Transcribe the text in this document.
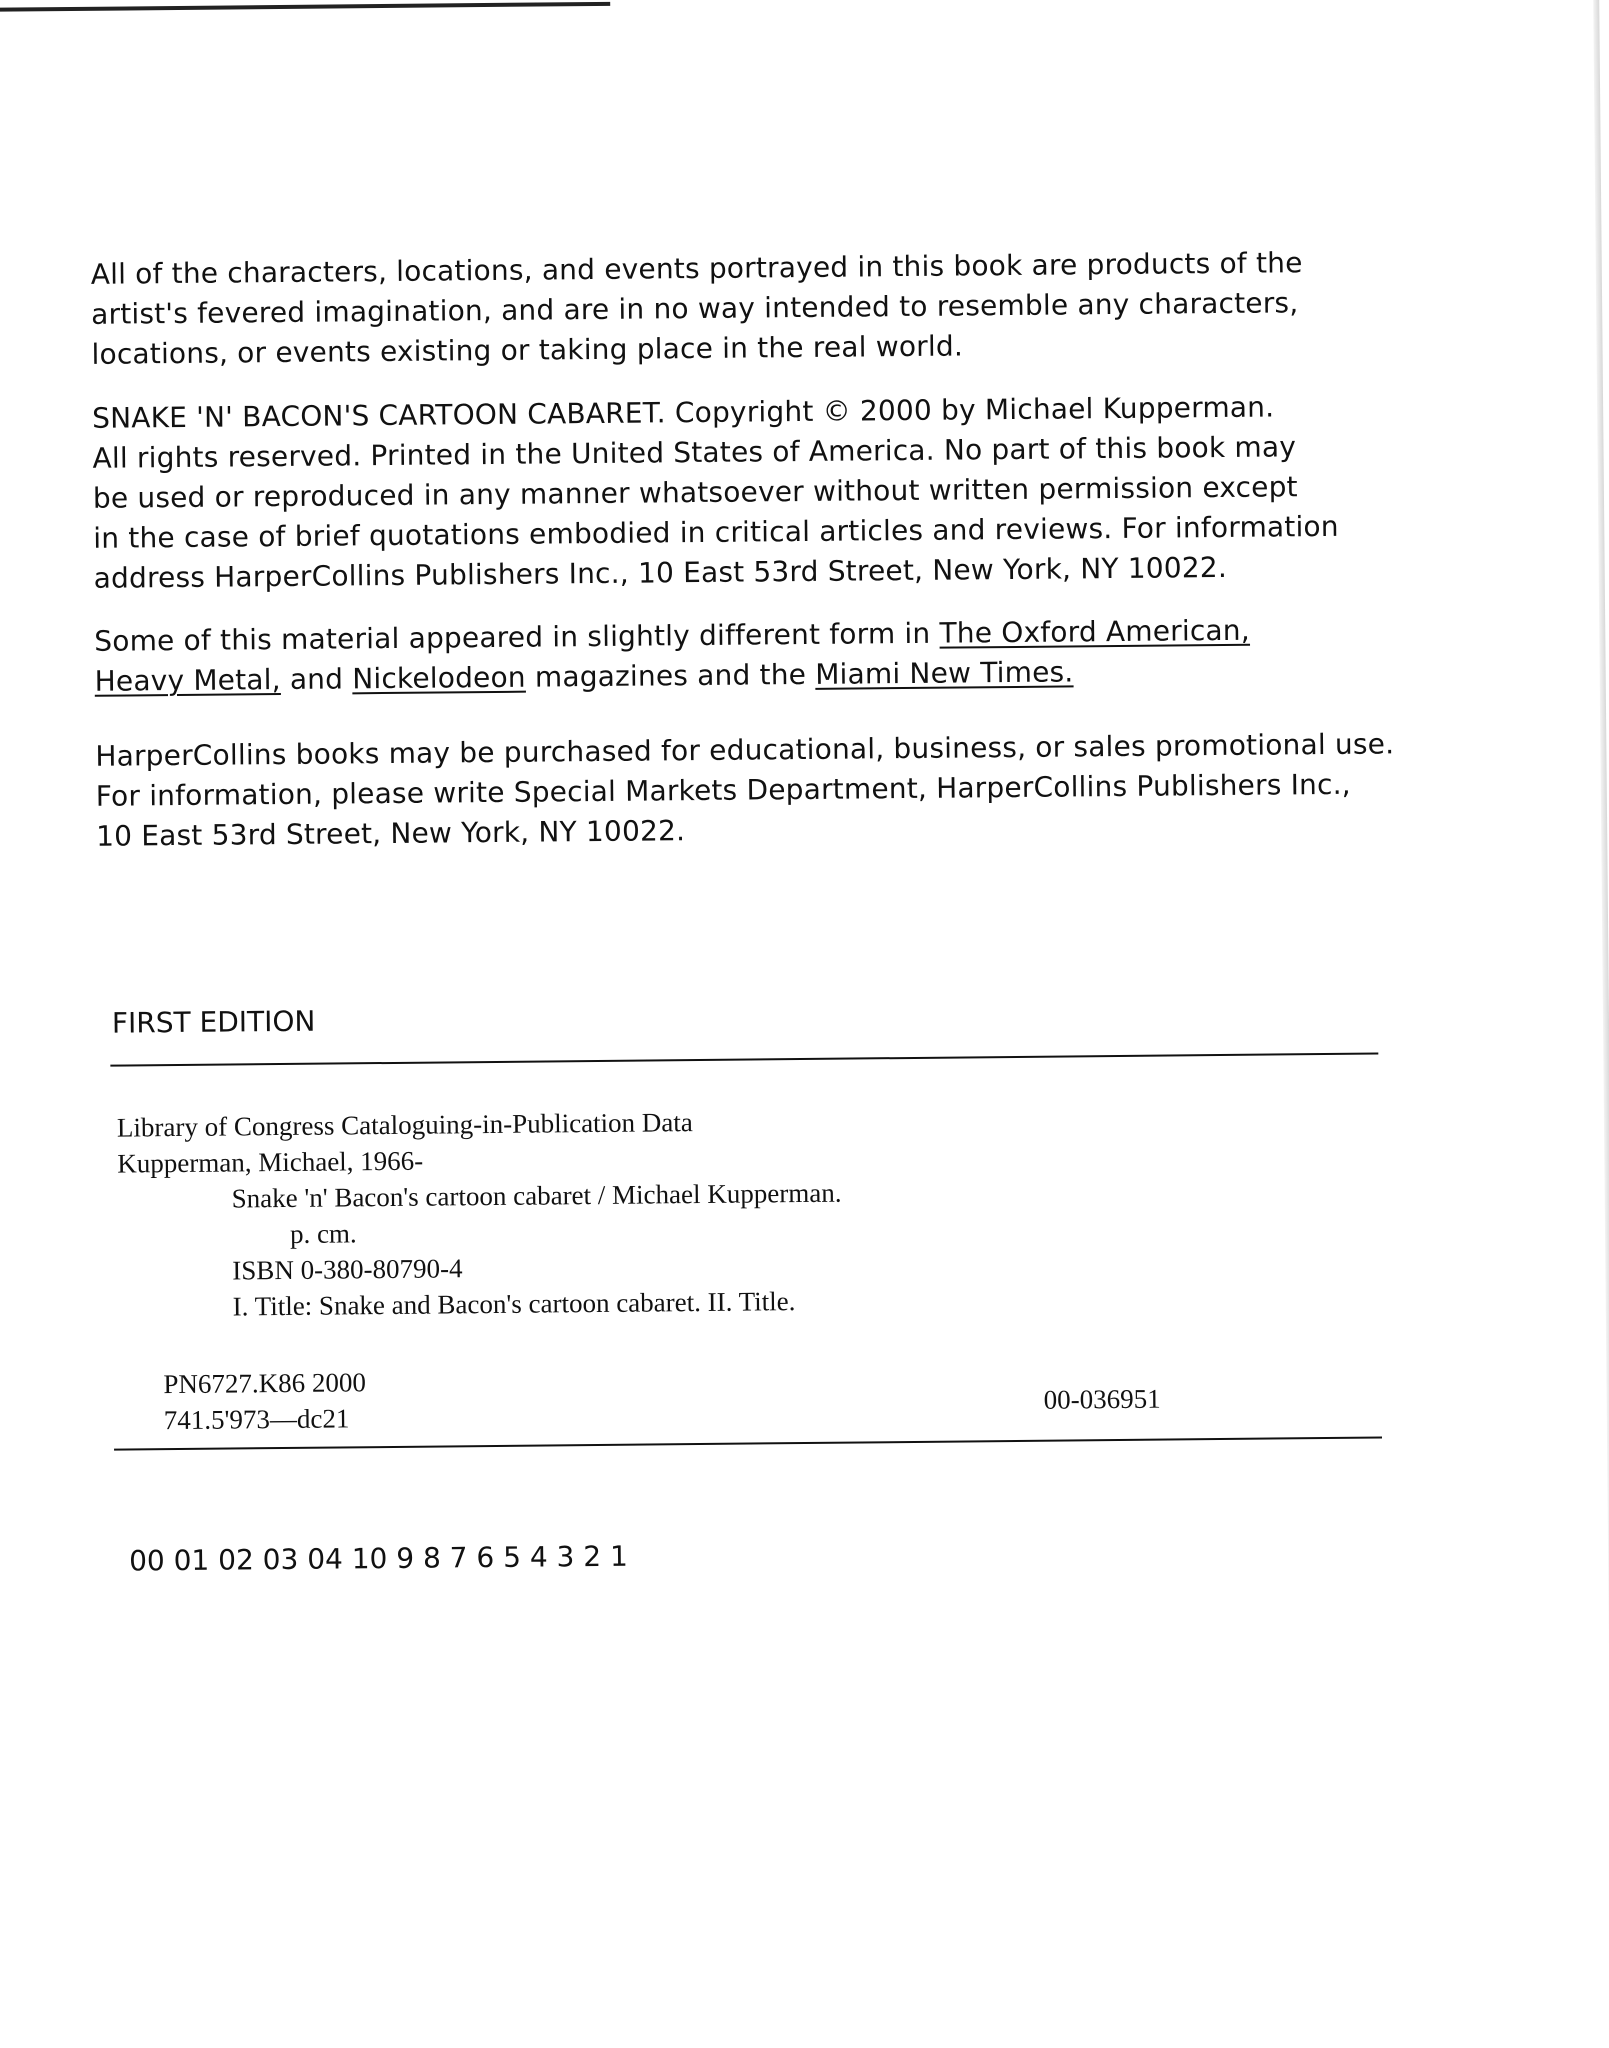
All of the characters, locations, and events portrayed in this book are products of the
artist's fevered imagination, and are in no way intended to resemble any characters,
locations, or events existing or taking place in the real world.
SNAKE 'N' BACON'S CARTOON CABARET. Copyright © 2000 by Michael Kupperman.
All rights reserved. Printed in the United States of America. No part of this book may
be used or reproduced in any manner whatsoever without written permission except
in the case of brief quotations embodied in critical articles and reviews. For information
address HarperCollins Publishers Inc., 10 East 53rd Street, New York, NY 10022.
Some of this material appeared in slightly different form in The Oxford American,
Heavy Metal, and Nickelodeon magazines and the Miami New Times.
HarperCollins books may be purchased for educational, business, or sales promotional use.
For information, please write Special Markets Department, HarperCollins Publishers Inc.,
10 East 53rd Street, New York, NY 10022.
FIRST EDITION
Library of Congress Cataloguing-in-Publication Data
Kupperman, Michael, 1966-
Snake 'n' Bacon's cartoon cabaret / Michael Kupperman.
p. cm.
ISBN 0-380-80790-4
I. Title: Snake and Bacon's cartoon cabaret. II. Title.
PN6727.K86 2000
741.5'973—dc21
00-036951
00 01 02 03 04 10 9 8 7 6 5 4 3 2 1
